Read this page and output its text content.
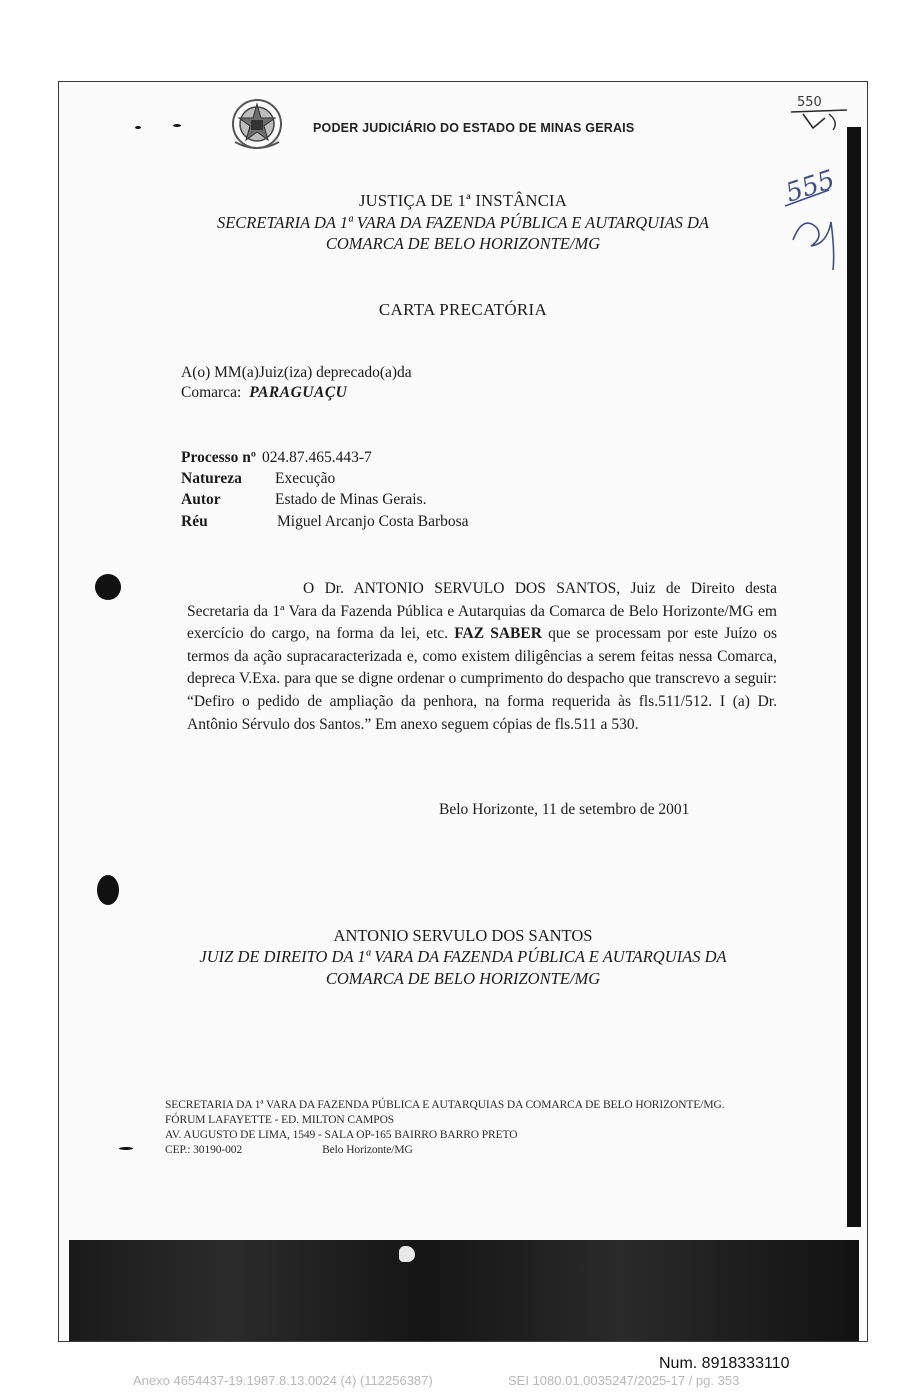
PODER JUDICIÁRIO DO ESTADO DE MINAS GERAIS
550
555
JUSTIÇA DE 1ª INSTÂNCIA
SECRETARIA DA 1ª VARA DA FAZENDA PÚBLICA E AUTARQUIAS DA
COMARCA DE BELO HORIZONTE/MG
CARTA PRECATÓRIA
A(o) MM(a)Juiz(iza) deprecado(a)da
Comarca: PARAGUAÇU
Processo nº 024.87.465.443-7
Natureza Execução
Autor	Estado de Minas Gerais.
Réu	Miguel Arcanjo Costa Barbosa
O Dr. ANTONIO SERVULO DOS SANTOS, Juiz de Direito desta Secretaria da 1ª Vara da Fazenda Pública e Autarquias da Comarca de Belo Horizonte/MG em exercício do cargo, na forma da lei, etc. FAZ SABER que se processam por este Juízo os termos da ação supracaracterizada e, como existem diligências a serem feitas nessa Comarca, depreca V.Exa. para que se digne ordenar o cumprimento do despacho que transcrevo a seguir: “Defiro o pedido de ampliação da penhora, na forma requerida às fls.511/512. I (a) Dr. Antônio Sérvulo dos Santos.” Em anexo seguem cópias de fls.511 a 530.
Belo Horizonte, 11 de setembro de 2001
ANTONIO SERVULO DOS SANTOS
JUIZ DE DIREITO DA 1ª VARA DA FAZENDA PÚBLICA E AUTARQUIAS DA
COMARCA DE BELO HORIZONTE/MG
SECRETARIA DA 1ª VARA DA FAZENDA PÚBLICA E AUTARQUIAS DA COMARCA DE BELO HORIZONTE/MG.
FÓRUM LAFAYETTE - ED. MILTON CAMPOS
AV. AUGUSTO DE LIMA, 1549 - SALA OP-165 BAIRRO BARRO PRETO
CEP.: 30190-002	Belo Horizonte/MG
Num. 8918333110
Anexo 4654437-19.1987.8.13.0024 (4) (112256387)	SEI 1080.01.0035247/2025-17 / pg. 353
